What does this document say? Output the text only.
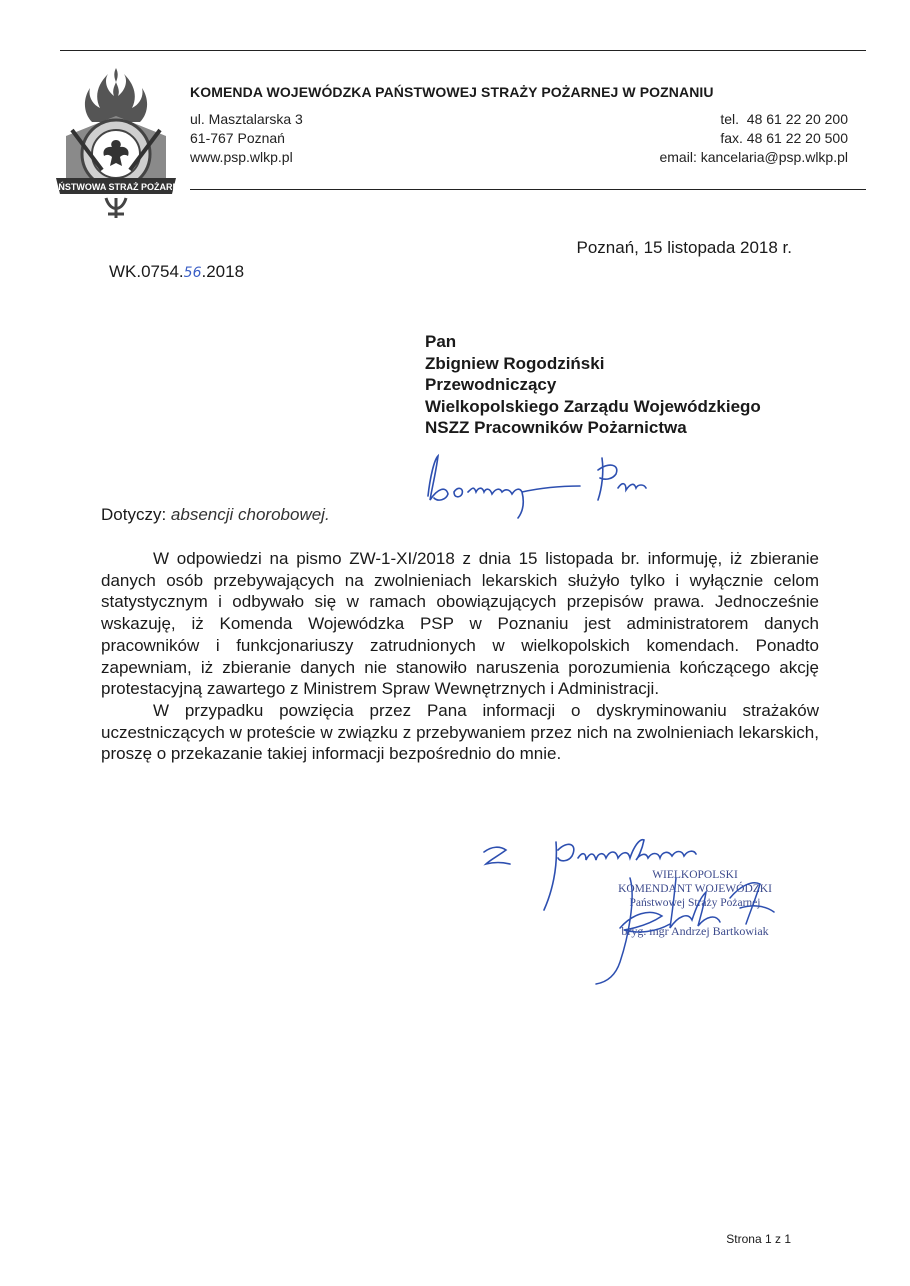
PAŃSTWOWA STRAŻ POŻARNA
KOMENDA WOJEWÓDZKA PAŃSTWOWEJ STRAŻY POŻARNEJ W POZNANIU
ul. Masztalarska 3
61-767 Poznań
www.psp.wlkp.pl
tel.  48 61 22 20 200
fax. 48 61 22 20 500
email: kancelaria@psp.wlkp.pl
Poznań, 15 listopada 2018 r.
WK.0754.56.2018
Pan
Zbigniew Rogodziński
Przewodniczący
Wielkopolskiego Zarządu Wojewódzkiego
NSZZ Pracowników Pożarnictwa
Koncowy Ew
Dotyczy: absencji chorobowej.

W odpowiedzi na pismo ZW-1-XI/2018 z dnia 15 listopada br. informuję, iż zbieranie danych osób przebywających na zwolnieniach lekarskich służyło tylko i wyłącznie celom statystycznym i odbywało się w ramach obowiązujących przepisów prawa. Jednocześnie wskazuję, iż Komenda Wojewódzka PSP w Poznaniu jest administratorem danych pracowników i funkcjonariuszy zatrudnionych w wielkopolskich komendach. Ponadto zapewniam, iż zbieranie danych nie stanowiło naruszenia porozumienia kończącego akcję protestacyjną zawartego z Ministrem Spraw Wewnętrznych i Administracji.

W przypadku powzięcia przez Pana informacji o dyskryminowaniu strażaków uczestniczących w proteście w związku z przebywaniem przez nich na zwolnieniach lekarskich, proszę o przekazanie takiej informacji bezpośrednio do mnie.

Z poważaniem
WIELKOPOLSKI
KOMENDANT WOJEWÓDZKI
Państwowej Straży Pożarnej
bryg. mgr Andrzej Bartkowiak
Strona 1 z 1
